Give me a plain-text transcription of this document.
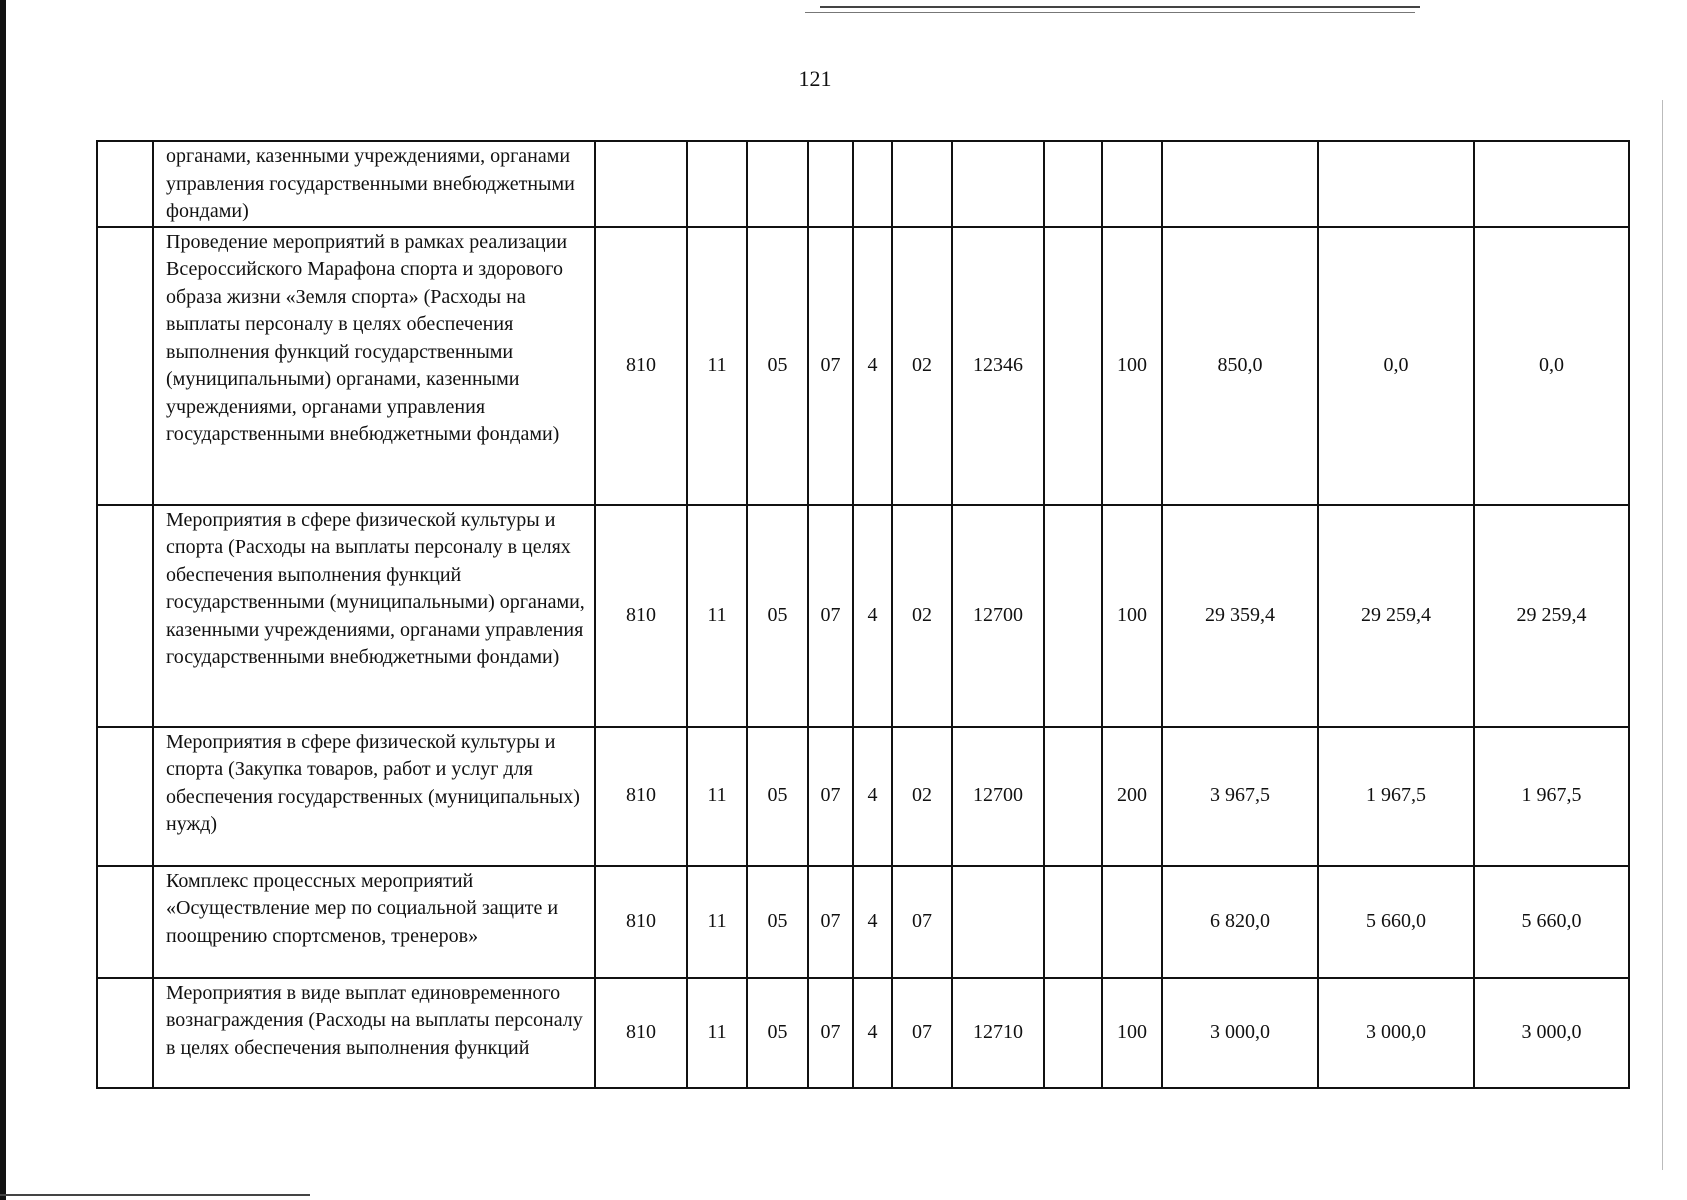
121
	органами, казенными учреждениями, органами управления государственными внебюджетными фондами)												
	Проведение мероприятий в рамках реализации Всероссийского Марафона спорта и здорового образа жизни «Земля спорта» (Расходы на выплаты персоналу в целях обеспечения выполнения функций государственными (муниципальными) органами, казенными учреждениями, органами управления государственными внебюджетными фондами)	810	11	05	07	4	02	12346		100	850,0	0,0	0,0
	Мероприятия в сфере физической культуры и спорта (Расходы на выплаты персоналу в целях обеспечения выполнения функций государственными (муниципальными) органами, казенными учреждениями, органами управления государственными внебюджетными фондами)	810	11	05	07	4	02	12700		100	29 359,4	29 259,4	29 259,4
	Мероприятия в сфере физической культуры и спорта (Закупка товаров, работ и услуг для обеспечения государственных (муниципальных) нужд)	810	11	05	07	4	02	12700		200	3 967,5	1 967,5	1 967,5
	Комплекс процессных мероприятий «Осуществление мер по социальной защите и поощрению спортсменов, тренеров»	810	11	05	07	4	07				6 820,0	5 660,0	5 660,0
	Мероприятия в виде выплат единовременного вознаграждения (Расходы на выплаты персоналу в целях обеспечения выполнения функций	810	11	05	07	4	07	12710		100	3 000,0	3 000,0	3 000,0
